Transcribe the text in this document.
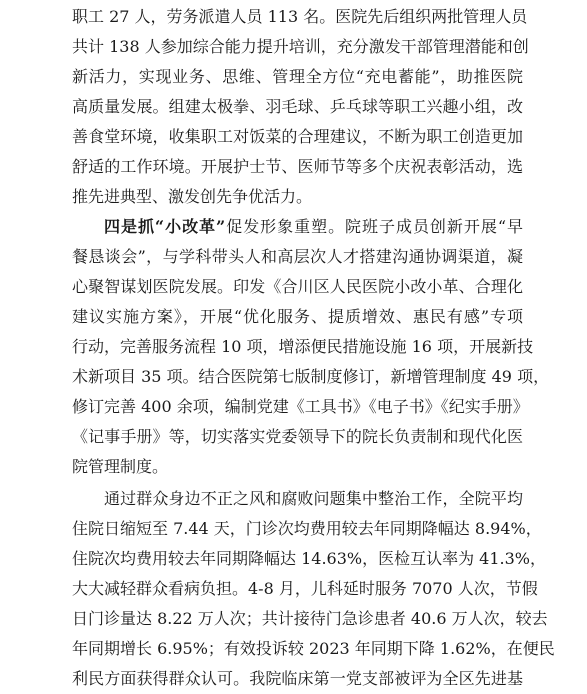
职工 27 人，劳务派遣人员 113 名。医院先后组织两批管理人员
共计 138 人参加综合能力提升培训，充分激发干部管理潜能和创
新活力，实现业务、思维、管理全方位“充电蓄能”，助推医院
高质量发展。组建太极拳、羽毛球、乒乓球等职工兴趣小组，改
善食堂环境，收集职工对饭菜的合理建议，不断为职工创造更加
舒适的工作环境。开展护士节、医师节等多个庆祝表彰活动，选
推先进典型、激发创先争优活力。
四是抓“小改革”促发形象重塑。院班子成员创新开展“早
餐恳谈会”，与学科带头人和高层次人才搭建沟通协调渠道，凝
心聚智谋划医院发展。印发《合川区人民医院小改小革、合理化
建议实施方案》，开展“优化服务、提质增效、惠民有感”专项
行动，完善服务流程 10 项，增添便民措施设施 16 项，开展新技
术新项目 35 项。结合医院第七版制度修订，新增管理制度 49 项，
修订完善 400 余项，编制党建《工具书》《电子书》《纪实手册》
《记事手册》等，切实落实党委领导下的院长负责制和现代化医
院管理制度。
通过群众身边不正之风和腐败问题集中整治工作，全院平均
住院日缩短至 7.44 天，门诊次均费用较去年同期降幅达 8.94%，
住院次均费用较去年同期降幅达 14.63%，医检互认率为 41.3%，
大大减轻群众看病负担。4-8 月，儿科延时服务 7070 人次，节假
日门诊量达 8.22 万人次；共计接待门急诊患者 40.6 万人次，较去
年同期增长 6.95%；有效投诉较 2023 年同期下降 1.62%，在便民
利民方面获得群众认可。我院临床第一党支部被评为全区先进基
